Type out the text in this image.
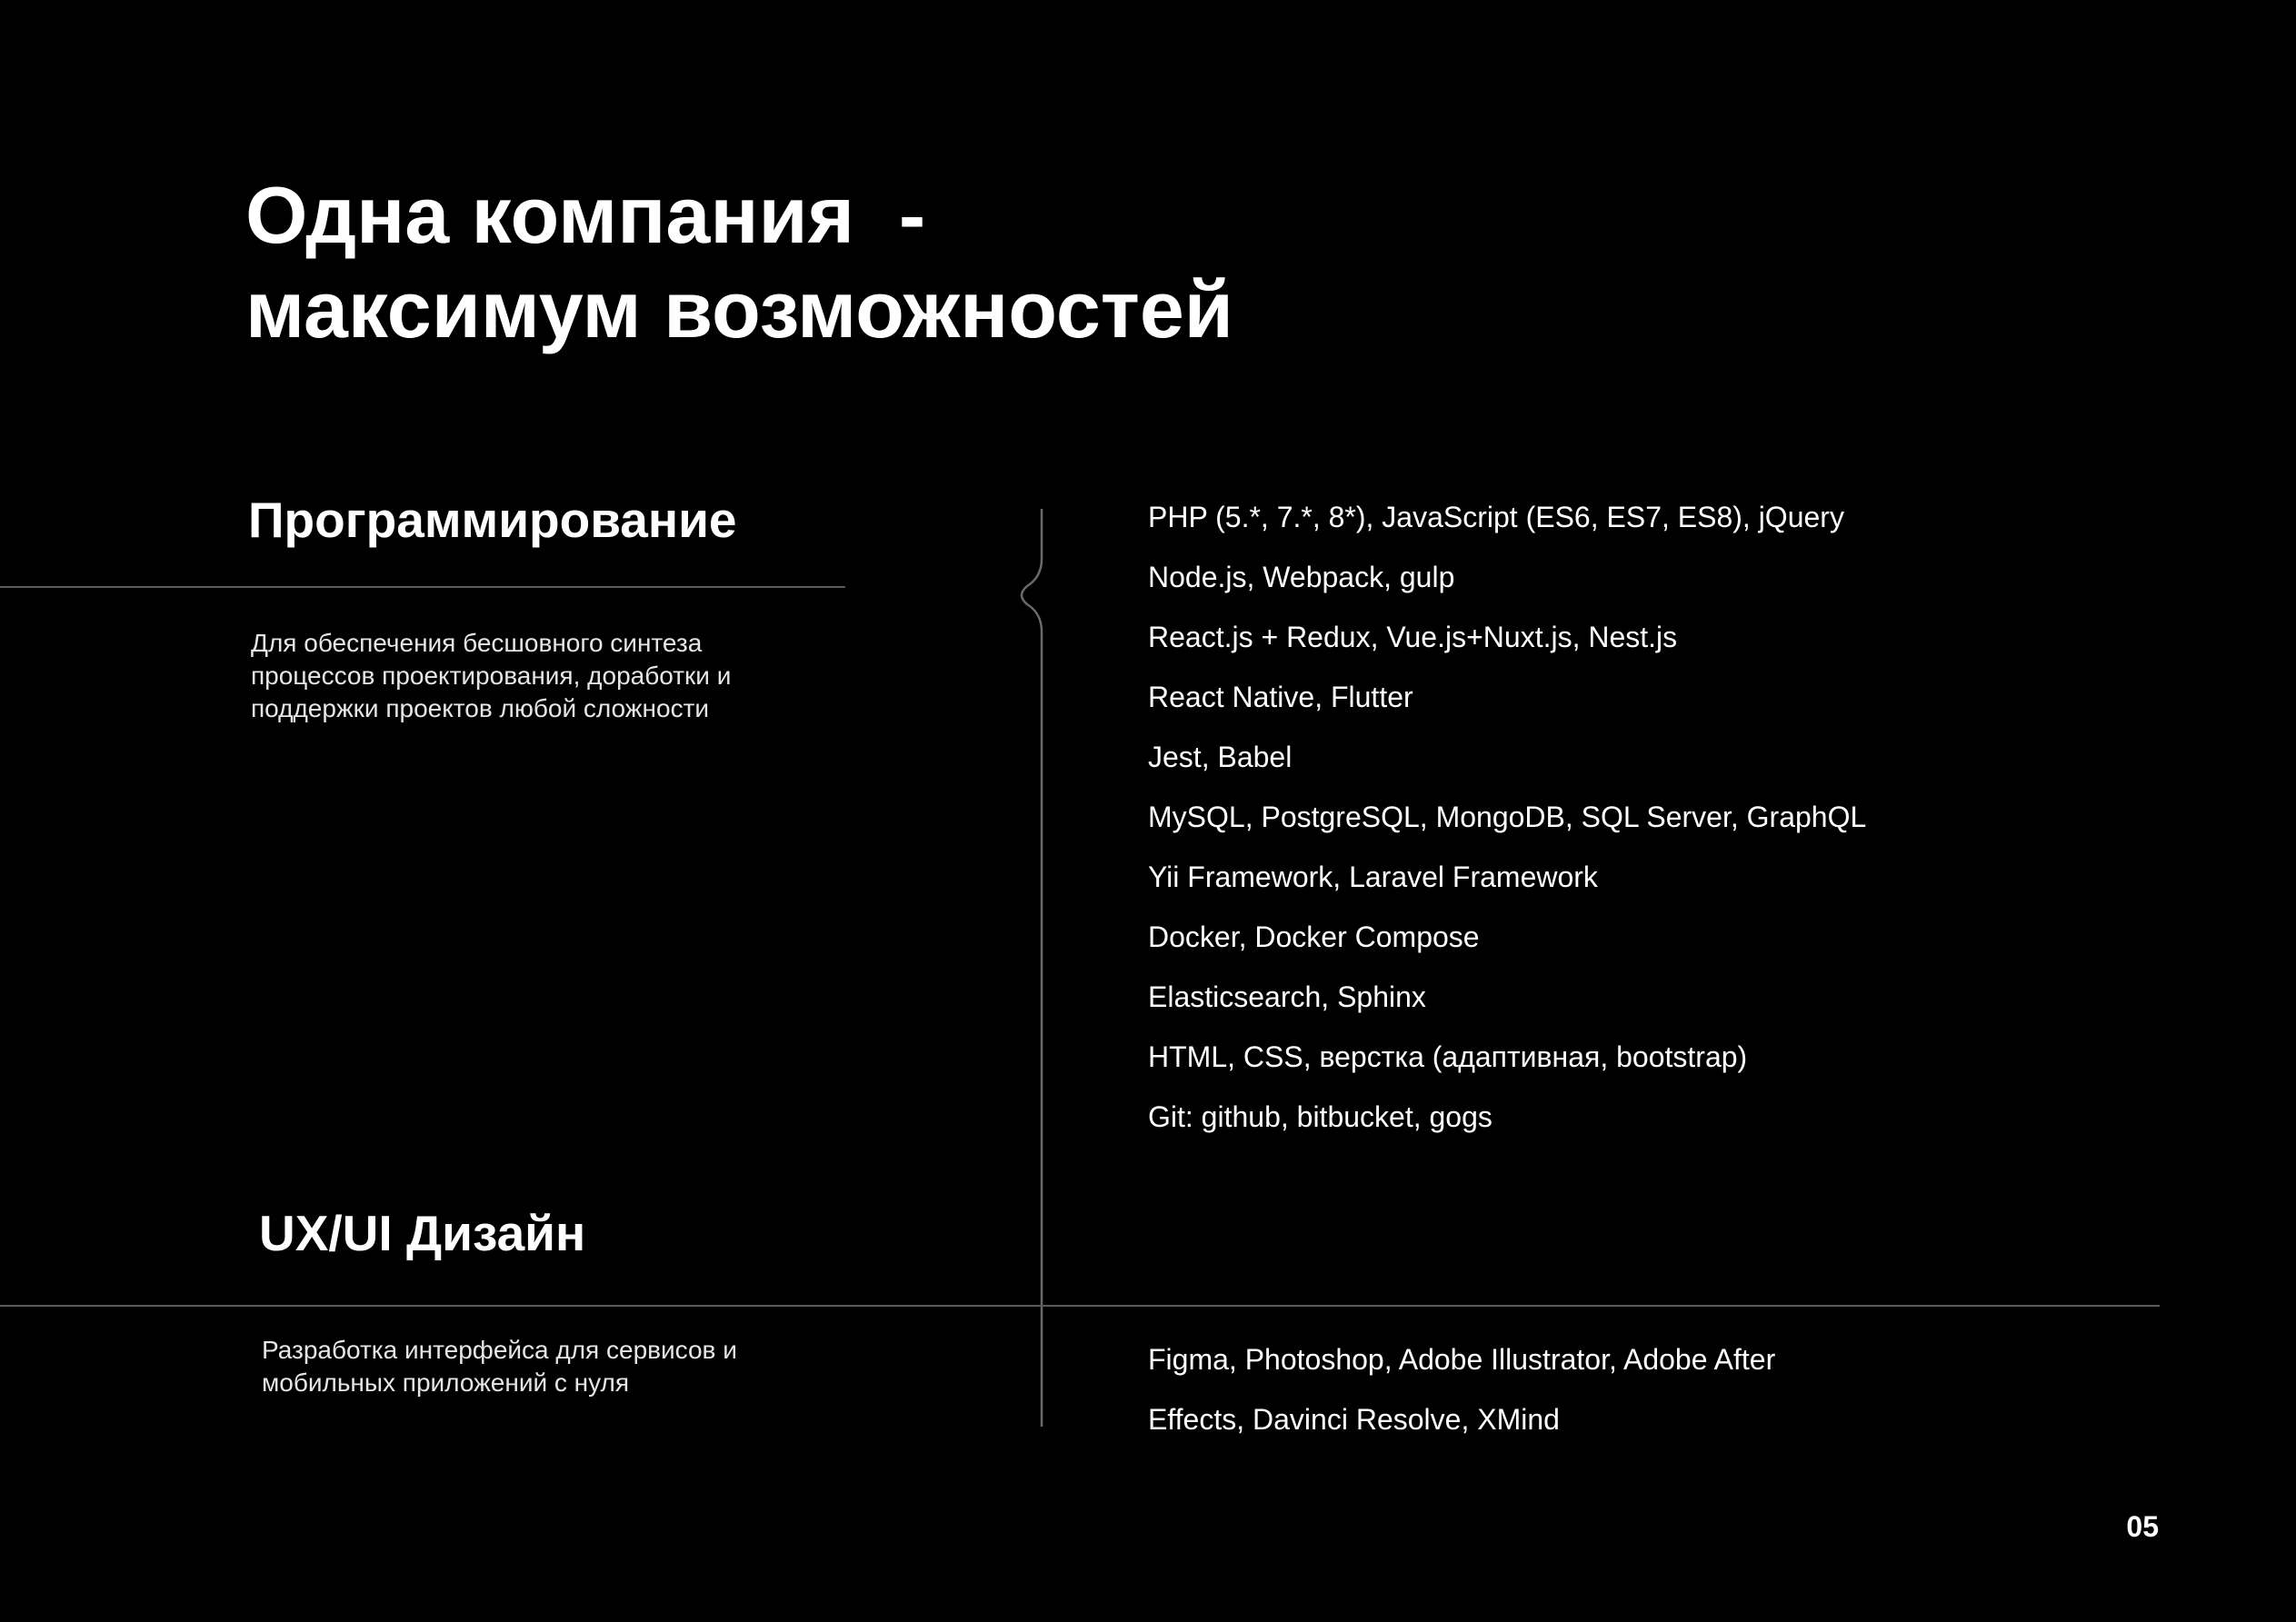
Одна компания  -
максимум возможностей
Программирование

Для обеспечения бесшовного синтеза
процессов проектирования, доработки и
поддержки проектов любой сложности

PHP (5.*, 7.*, 8*), JavaScript (ES6, ES7, ES8), jQuery
Node.js, Webpack, gulp
React.js + Redux, Vue.js+Nuxt.js, Nest.js
React Native, Flutter
Jest, Babel
MySQL, PostgreSQL, MongoDB, SQL Server, GraphQL
Yii Framework, Laravel Framework
Docker, Docker Compose
Elasticsearch, Sphinx
HTML, CSS, верстка (адаптивная, bootstrap)
Git: github, bitbucket, gogs
UX/UI Дизайн

Разработка интерфейса для сервисов и
мобильных приложений с нуля

Figma, Photoshop, Adobe Illustrator, Adobe After
Effects, Davinci Resolve, XMind

05
